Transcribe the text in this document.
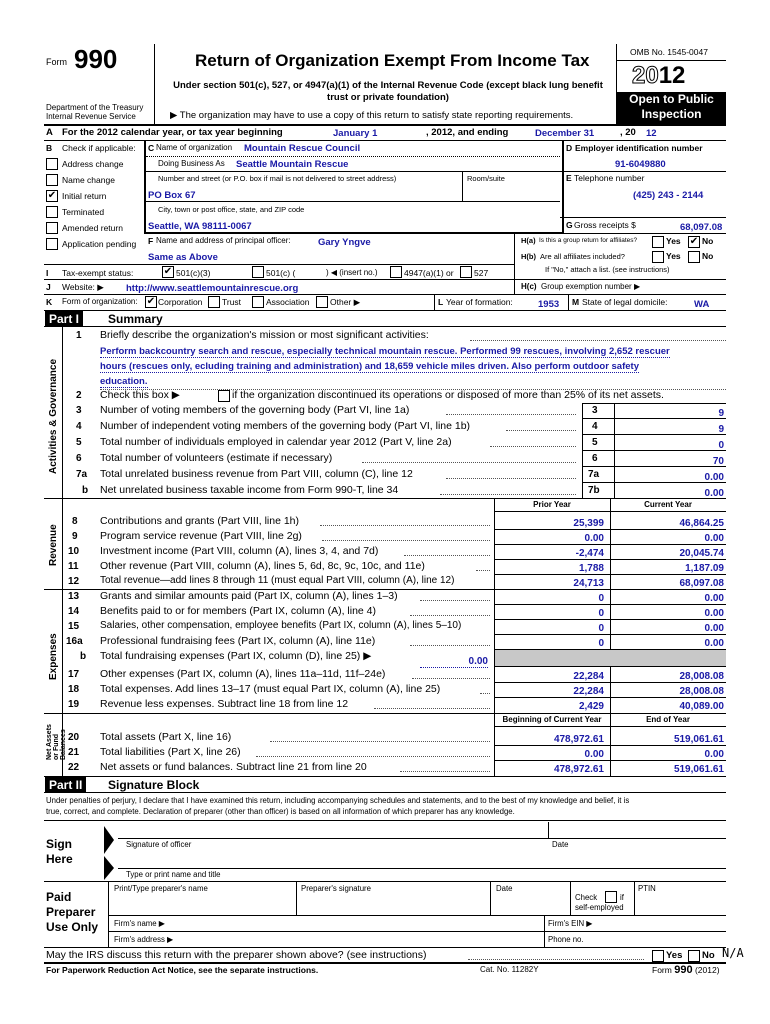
Form 990
Department of the Treasury
Internal Revenue Service
Return of Organization Exempt From Income Tax
Under section 501(c), 527, or 4947(a)(1) of the Internal Revenue Code (except black lung benefit trust or private foundation)
▶ The organization may have to use a copy of this return to satisfy state reporting requirements.
OMB No. 1545-0047
2012
Open to Public
Inspection
A For the 2012 calendar year, or tax year beginning	January 1	, 2012, and ending	December 31	, 20 12
B Check if applicable:
Address change
Name change
✔ Initial return
Terminated
Amended return
Application pending
C Name of organization Mountain Rescue Council
Doing Business As Seattle Mountain Rescue
Number and street (or P.O. box if mail is not delivered to street address)	Room/suite
PO Box 67
City, town or post office, state, and ZIP code
Seattle, WA 98111-0067
F Name and address of principal officer:	Gary Yngve
Same as Above
D Employer identification number
91-6049880
E Telephone number
(425) 243 - 2144
G Gross receipts $	68,097.08
H(a) Is this a group return for affiliates?	Yes ✔ No
H(b) Are all affiliates included?	Yes	No
If "No," attach a list. (see instructions)
I Tax-exempt status:	✔ 501(c)(3)	501(c) (	) ◀ (insert no.)	4947(a)(1) or 527
J Website: ▶ http://www.seattlemountainrescue.org	H(c) Group exemption number ▶
K Form of organization: ✔ Corporation Trust	Association Other ▶	L Year of formation:	1953 M State of legal domicile:	WA
Part I	Summary
Activities & Governance
Revenue
Expenses
Net Assets or Fund Balances
1 Briefly describe the organization's mission or most significant activities:
Perform backcountry search and rescue, especially technical mountain rescue. Performed 99 rescues, involving 2,652 rescuer
hours (rescues only, ecluding training and administration) and 18,659 vehicle miles driven. Also perform outdoor safety
education.
2 Check this box ▶	if the organization discontinued its operations or disposed of more than 25% of its net assets.
3 Number of voting members of the governing body (Part VI, line 1a)	3	9
4 Number of independent voting members of the governing body (Part VI, line 1b)	4	9
5 Total number of individuals employed in calendar year 2012 (Part V, line 2a)	5	0
6 Total number of volunteers (estimate if necessary)	6	70
7a Total unrelated business revenue from Part VIII, column (C), line 12	7a	0.00
b Net unrelated business taxable income from Form 990-T, line 34	7b	0.00
Prior Year	Current Year
8 Contributions and grants (Part VIII, line 1h)	25,399	46,864.25
9 Program service revenue (Part VIII, line 2g)	0.00	0.00
10 Investment income (Part VIII, column (A), lines 3, 4, and 7d)	-2,474	20,045.74
11 Other revenue (Part VIII, column (A), lines 5, 6d, 8c, 9c, 10c, and 11e)	1,788	1,187.09
12 Total revenue—add lines 8 through 11 (must equal Part VIII, column (A), line 12)	24,713	68,097.08
13 Grants and similar amounts paid (Part IX, column (A), lines 1–3)	0	0.00
14 Benefits paid to or for members (Part IX, column (A), line 4)	0	0.00
15 Salaries, other compensation, employee benefits (Part IX, column (A), lines 5–10)	0	0.00
16a Professional fundraising fees (Part IX, column (A), line 11e)	0	0.00
b Total fundraising expenses (Part IX, column (D), line 25) ▶	0.00
17 Other expenses (Part IX, column (A), lines 11a–11d, 11f–24e)	22,284	28,008.08
18 Total expenses. Add lines 13–17 (must equal Part IX, column (A), line 25)	22,284	28,008.08
19 Revenue less expenses. Subtract line 18 from line 12	2,429	40,089.00
Beginning of Current Year	End of Year
20 Total assets (Part X, line 16)	478,972.61	519,061.61
21 Total liabilities (Part X, line 26)	0.00	0.00
22 Net assets or fund balances. Subtract line 21 from line 20	478,972.61	519,061.61
Part II	Signature Block
Under penalties of perjury, I declare that I have examined this return, including accompanying schedules and statements, and to the best of my knowledge and belief, it is
true, correct, and complete. Declaration of preparer (other than officer) is based on all information of which preparer has any knowledge.
Sign
Here
Signature of officer	Date
Type or print name and title
Paid
Preparer
Use Only
Print/Type preparer's name	Preparer's signature	Date
Check	if
self-employed
PTIN
Firm's name ▶	Firm's EIN ▶
Firm's address ▶	Phone no.
May the IRS discuss this return with the preparer shown above? (see instructions)	Yes No N/A
For Paperwork Reduction Act Notice, see the separate instructions.	Cat. No. 11282Y	Form 990 (2012)
